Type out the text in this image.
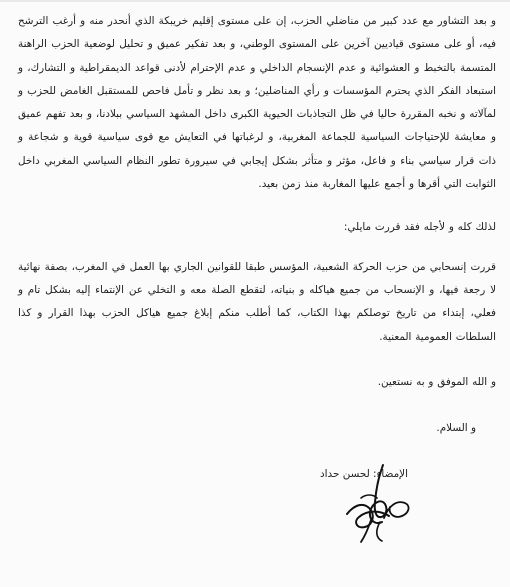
و بعد التشاور مع عدد كبير من مناضلي الحزب، إن على مستوى إقليم خريبكة الذي أنحدر منه و أرغب الترشح فيه، أو على مستوى قياديين آخرين على المستوى الوطني، و بعد تفكير عميق و تحليل لوضعية الحزب الراهنة المتسمة بالتخبط و العشوائية و عدم الإنسجام الداخلي و عدم الإحترام لأدنى قواعد الديمقراطية و التشارك، و استبعاد الفكر الذي يحترم المؤسسات و رأي المناضلين؛ و بعد نظر و تأمل فاحص للمستقبل الغامض للحزب و لمآلاته و نخبه المقررة حاليا في ظل التجاذبات الحيوية الكبرى داخل المشهد السياسي ببلادنا، و بعد تفهم عميق و معايشة للإحتياجات السياسية للجماعة المغربية، و لرغباتها في التعايش مع قوى سياسية قوية و شجاعة و ذات قرار سياسي بناء و فاعل، مؤثر و متأثر بشكل إيجابي في سيرورة تطور النظام السياسي المغربي داخل الثوابت التي أقرها و أجمع عليها المغاربة منذ زمن بعيد.

لذلك كله و لأجله فقد قررت مايلي:

قررت إنسحابي من حزب الحركة الشعبية، المؤسس طبقا للقوانين الجاري بها العمل في المغرب، بصفة نهائية لا رجعة فيها، و الإنسحاب من جميع هياكله و بنياته، لتقطع الصلة معه و التخلي عن الإنتماء إليه بشكل تام و فعلي، إبتداء من تاريخ توصلكم بهذا الكتاب، كما أطلب منكم إبلاغ جميع هياكل الحزب بهذا القرار و كذا السلطات العمومية المعنية.

و الله الموفق و به نستعين.

و السلام.

الإمضاء: لحسن حداد
